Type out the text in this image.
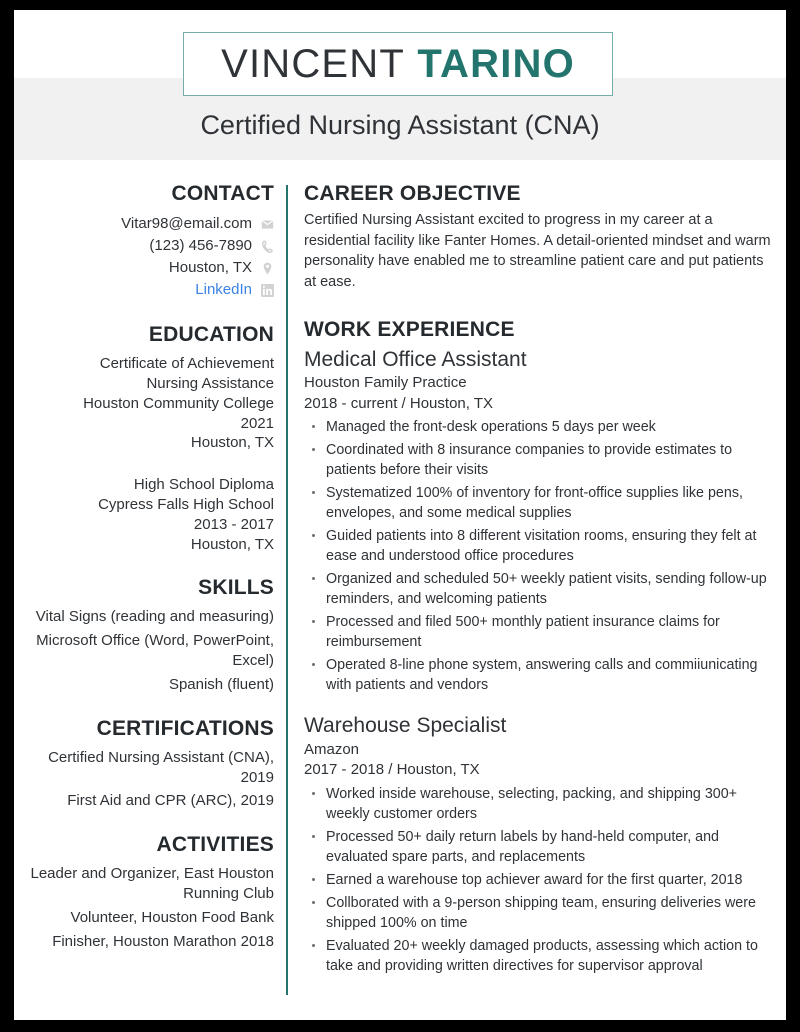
VINCENT TARINO
Certified Nursing Assistant (CNA)
CONTACT
Vitar98@email.com
(123) 456-7890
Houston, TX
LinkedIn
EDUCATION
Certificate of Achievement
Nursing Assistance
Houston Community College
2021
Houston, TX
High School Diploma
Cypress Falls High School
2013 - 2017
Houston, TX
SKILLS
Vital Signs (reading and measuring)
Microsoft Office (Word, PowerPoint, Excel)
Spanish (fluent)
CERTIFICATIONS
Certified Nursing Assistant (CNA), 2019
First Aid and CPR (ARC), 2019
ACTIVITIES
Leader and Organizer, East Houston Running Club
Volunteer, Houston Food Bank
Finisher, Houston Marathon 2018
CAREER OBJECTIVE
Certified Nursing Assistant excited to progress in my career at a residential facility like Fanter Homes. A detail-oriented mindset and warm personality have enabled me to streamline patient care and put patients at ease.
WORK EXPERIENCE
Medical Office Assistant
Houston Family Practice
2018 - current / Houston, TX
Managed the front-desk operations 5 days per week
Coordinated with 8 insurance companies to provide estimates to patients before their visits
Systematized 100% of inventory for front-office supplies like pens, envelopes, and some medical supplies
Guided patients into 8 different visitation rooms, ensuring they felt at ease and understood office procedures
Organized and scheduled 50+ weekly patient visits, sending follow-up reminders, and welcoming patients
Processed and filed 500+ monthly patient insurance claims for reimbursement
Operated 8-line phone system, answering calls and commiiunicating with patients and vendors
Warehouse Specialist
Amazon
2017 - 2018 / Houston, TX
Worked inside warehouse, selecting, packing, and shipping 300+ weekly customer orders
Processed 50+ daily return labels by hand-held computer, and evaluated spare parts, and replacements
Earned a warehouse top achiever award for the first quarter, 2018
Collborated with a 9-person shipping team, ensuring deliveries were shipped 100% on time
Evaluated 20+ weekly damaged products, assessing which action to take and providing written directives for supervisor approval
